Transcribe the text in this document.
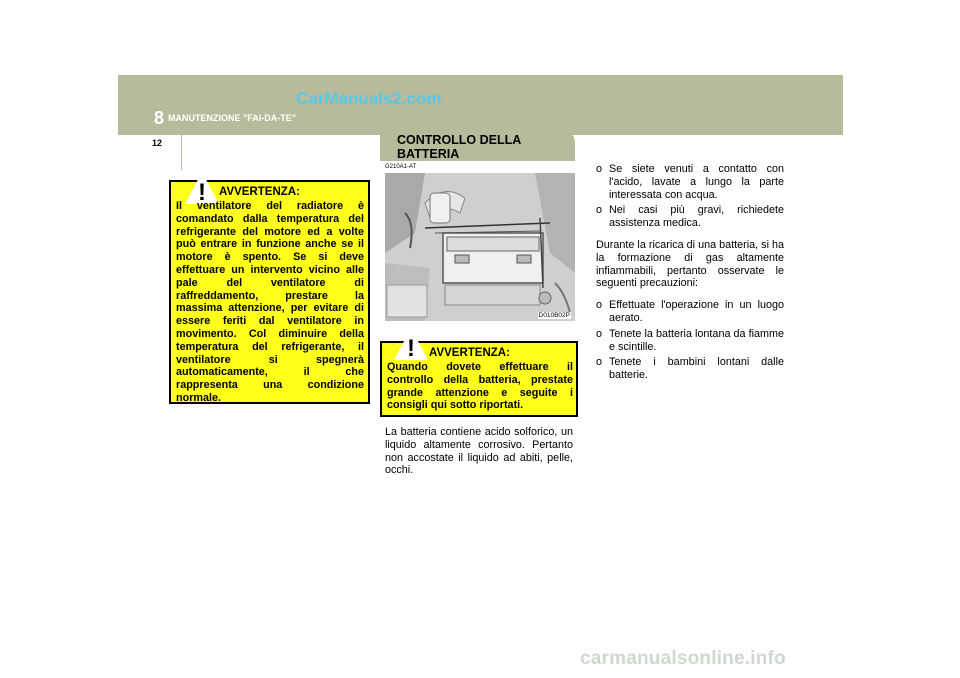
CarManuals2.com
8 MANUTENZIONE "FAI-DA-TE"
12	CONTROLLO DELLA BATTERIA
G210A1-AT
D010B02P
! AVVERTENZA:
Il ventilatore del radiatore è
comandato dalla temperatura del
refrigerante del motore ed a volte
può entrare in funzione anche se il
motore è spento. Se si deve
effettuare un intervento vicino alle
pale del ventilatore di
raffreddamento, prestare la
massima attenzione, per evitare di
essere feriti dal ventilatore in
movimento. Col diminuire della
temperatura del refrigerante, il
ventilatore si spegnerà
automaticamente, il che
rappresenta una condizione
normale.
! AVVERTENZA:
Quando dovete effettuare il
controllo della batteria, prestate
grande attenzione e seguite i
consigli qui sotto riportati.
La batteria contiene acido solforico, un liquido altamente corrosivo. Pertanto non accostate il liquido ad abiti, pelle, occhi.
o Se siete venuti a contatto con l'acido, lavate a lungo la parte interessata con acqua.
o Nei casi più gravi, richiedete assistenza medica.
Durante la ricarica di una batteria, si ha la formazione di gas altamente infiammabili, pertanto osservate le seguenti precauzioni:
o Effettuate l'operazione in un luogo aerato.
o Tenete la batteria lontana da fiamme e scintille.
o Tenete i bambini lontani dalle batterie.
carmanualsonline.info
